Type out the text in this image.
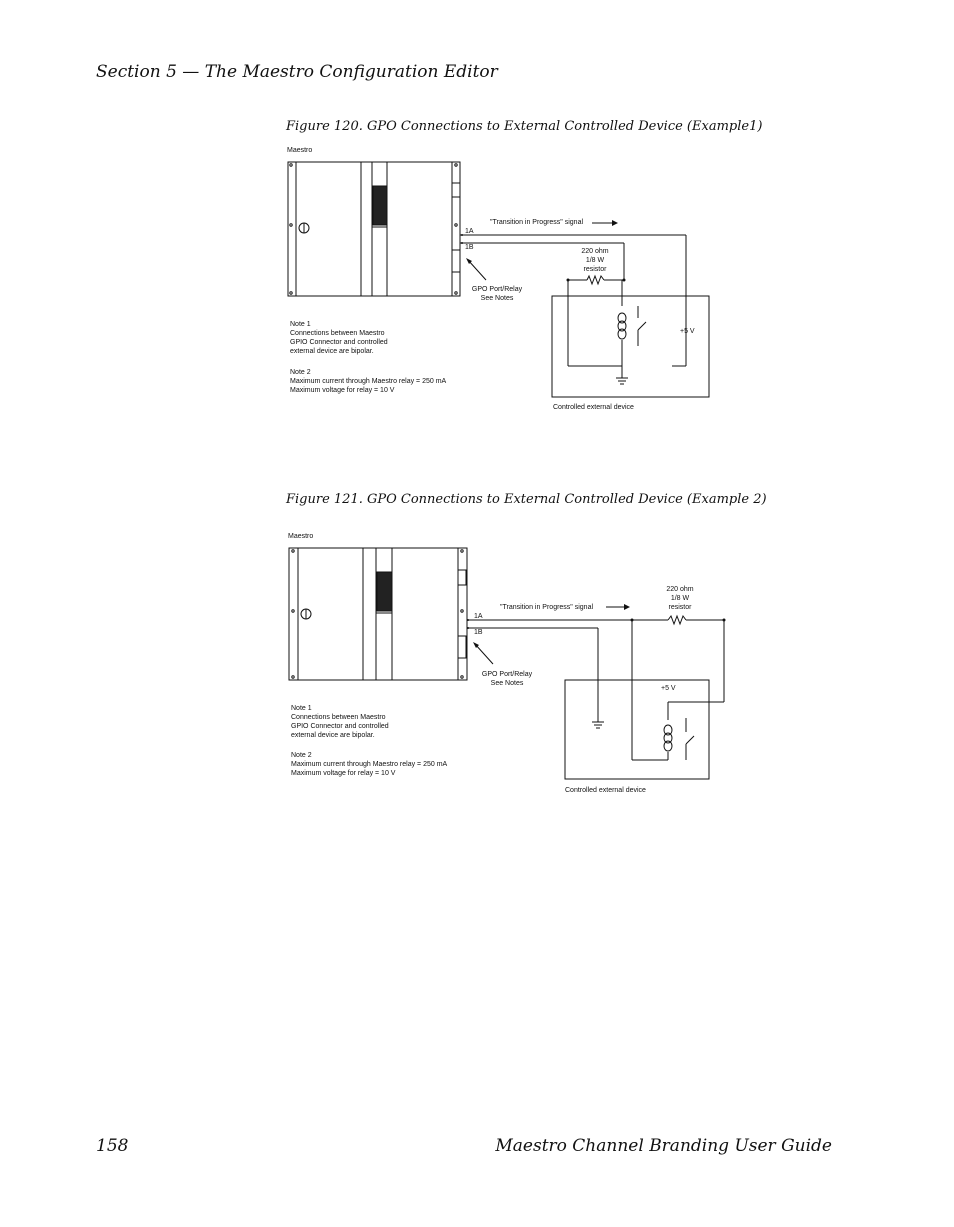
Section 5 — The Maestro Configuration Editor
Figure 120. GPO Connections to External Controlled Device (Example1)
Maestro
"Transition in Progress" signal
1A
1B
220 ohm
1/8 W
resistor
GPO Port/Relay
See Notes
+5 V
Controlled external device
Note 1
Connections between Maestro
GPIO Connector and controlled
external device are bipolar.
Note 2
Maximum current through Maestro relay = 250 mA
Maximum voltage for relay = 10 V
Figure 121. GPO Connections to External Controlled Device (Example 2)
Maestro
"Transition in Progress" signal
1A
1B
220 ohm
1/8 W
resistor
GPO Port/Relay
See Notes
+5 V
Controlled external device
Note 1
Connections between Maestro
GPIO Connector and controlled
external device are bipolar.
Note 2
Maximum current through Maestro relay = 250 mA
Maximum voltage for relay = 10 V
158	Maestro Channel Branding User Guide
